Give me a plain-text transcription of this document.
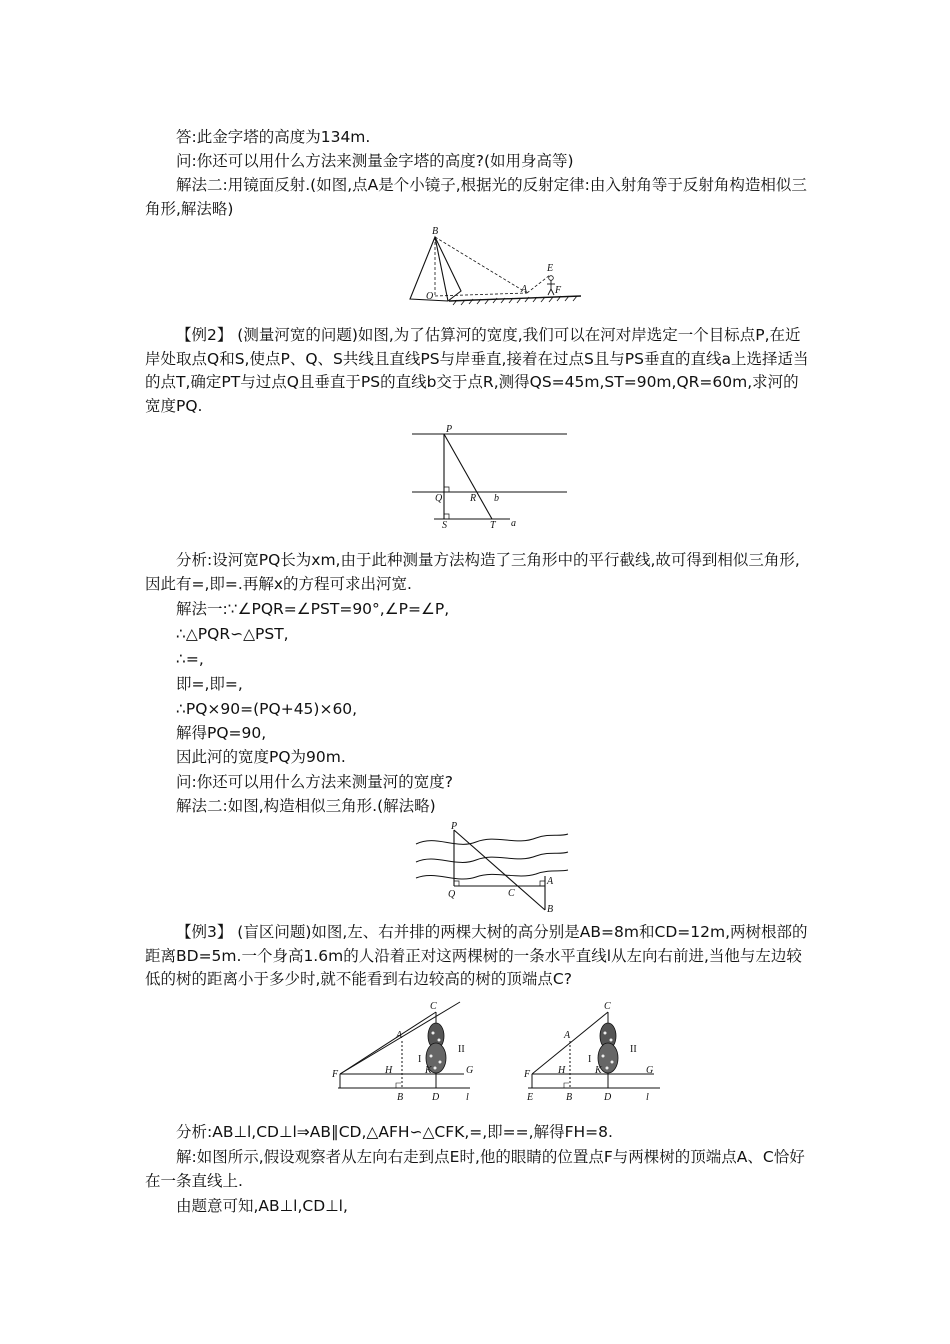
答:此金字塔的高度为134m.

问:你还可以用什么方法来测量金字塔的高度?(如用身高等)

解法二:用镜面反射.(如图,点A是个小镜子,根据光的反射定律:由入射角等于反射角构造相似三角形,解法略)

B
E
O
A	F

【例2】 (测量河宽的问题)如图,为了估算河的宽度,我们可以在河对岸选定一个目标点P,在近岸处取点Q和S,使点P、Q、S共线且直线PS与岸垂直,接着在过点S且与PS垂直的直线a上选择适当的点T,确定PT与过点Q且垂直于PS的直线b交于点R,测得QS=45m,ST=90m,QR=60m,求河的宽度PQ.

P
Q	R b
S	T a

分析:设河宽PQ长为xm,由于此种测量方法构造了三角形中的平行截线,故可得到相似三角形,因此有=,即=.再解x的方程可求出河宽.

解法一:∵∠PQR=∠PST=90°,∠P=∠P,

∴△PQR∽△PST,

∴=,

即=,即=,

∴PQ×90=(PQ+45)×60,

解得PQ=90,

因此河的宽度PQ为90m.

问:你还可以用什么方法来测量河的宽度?

解法二:如图,构造相似三角形.(解法略)

P
Q	C
A
B

【例3】 (盲区问题)如图,左、右并排的两棵大树的高分别是AB=8m和CD=12m,两树根部的距离BD=5m.一个身高1.6m的人沿着正对这两棵树的一条水平直线l从左向右前进,当他与左边较低的树的距离小于多少时,就不能看到右边较高的树的顶端点C?

C
A
F	H	K	G
B	D	l
I
II
C
A
F	H	K	G
E	B	D	l
I
II

分析:AB⊥l,CD⊥l⇒AB∥CD,△AFH∽△CFK,=,即==,解得FH=8.

解:如图所示,假设观察者从左向右走到点E时,他的眼睛的位置点F与两棵树的顶端点A、C恰好在一条直线上.

由题意可知,AB⊥l,CD⊥l,
